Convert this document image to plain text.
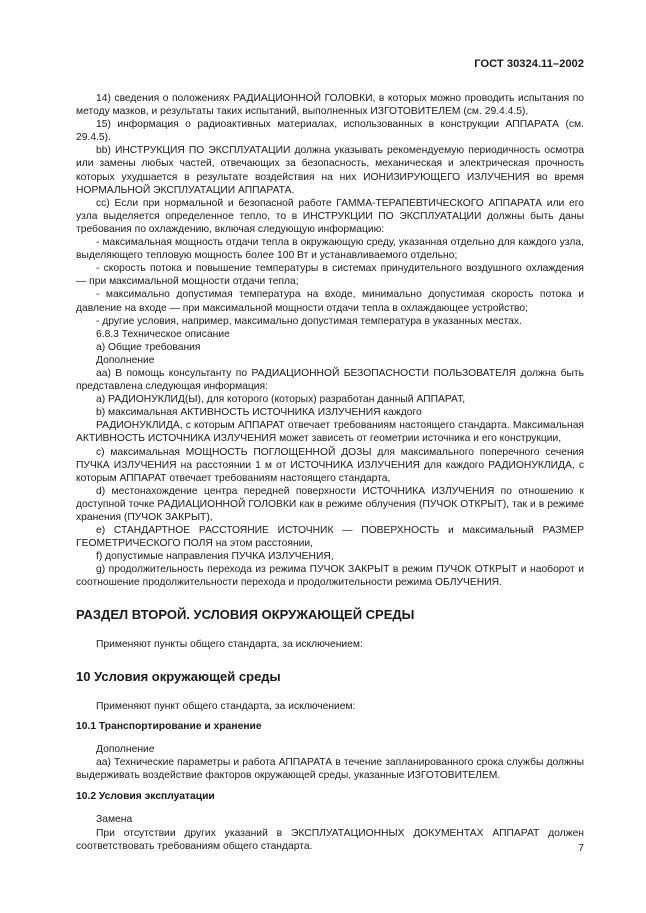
ГОСТ 30324.11–2002

14) сведения о положениях РАДИАЦИОННОЙ ГОЛОВКИ, в которых можно проводить испытания по методу мазков, и результаты таких испытаний, выполненных ИЗГОТОВИТЕЛЕМ (см. 29.4.4.5),

15) информация о радиоактивных материалах, использованных в конструкции АППАРАТА (см. 29.4.5).

bb) ИНСТРУКЦИЯ ПО ЭКСПЛУАТАЦИИ должна указывать рекомендуемую периодичность осмотра или замены любых частей, отвечающих за безопасность, механическая и электрическая прочность которых ухудшается в результате воздействия на них ИОНИЗИРУЮЩЕГО ИЗЛУЧЕНИЯ во время НОРМАЛЬНОЙ ЭКСПЛУАТАЦИИ АППАРАТА.

сс) Если при нормальной и безопасной работе ГАММА-ТЕРАПЕВТИЧЕСКОГО АППАРАТА или его узла выделяется определенное тепло, то в ИНСТРУКЦИИ ПО ЭКСПЛУАТАЦИИ должны быть даны требования по охлаждению, включая следующую информацию:

- максимальная мощность отдачи тепла в окружающую среду, указанная отдельно для каждого узла, выделяющего тепловую мощность более 100 Вт и устанавливаемого отдельно;

- скорость потока и повышение температуры в системах принудительного воздушного охлаждения — при максимальной мощности отдачи тепла;

- максимально допустимая температура на входе, минимально допустимая скорость потока и давление на входе — при максимальной мощности отдачи тепла в охлаждающее устройство;

- другие условия, например, максимально допустимая температура в указанных местах.

6.8.3 Техническое описание

a) Общие требования

Дополнение

аа) В помощь консультанту по РАДИАЦИОННОЙ БЕЗОПАСНОСТИ ПОЛЬЗОВАТЕЛЯ должна быть представлена следующая информация:

a) РАДИОНУКЛИД(Ы), для которого (которых) разработан данный АППАРАТ,

b) максимальная АКТИВНОСТЬ ИСТОЧНИКА ИЗЛУЧЕНИЯ каждого

РАДИОНУКЛИДА, с которым АППАРАТ отвечает требованиям настоящего стандарта. Максимальная АКТИВНОСТЬ ИСТОЧНИКА ИЗЛУЧЕНИЯ может зависеть от геометрии источника и его конструкции,

c) максимальная МОЩНОСТЬ ПОГЛОЩЕННОЙ ДОЗЫ для максимального поперечного сечения ПУЧКА ИЗЛУЧЕНИЯ на расстоянии 1 м от ИСТОЧНИКА ИЗЛУЧЕНИЯ для каждого РАДИОНУКЛИДА, с которым АППАРАТ отвечает требованиям настоящего стандарта,

d) местонахождение центра передней поверхности ИСТОЧНИКА ИЗЛУЧЕНИЯ по отношению к доступной точке РАДИАЦИОННОЙ ГОЛОВКИ как в режиме облучения (ПУЧОК ОТКРЫТ), так и в режиме хранения (ПУЧОК ЗАКРЫТ),

e) СТАНДАРТНОЕ РАССТОЯНИЕ ИСТОЧНИК — ПОВЕРХНОСТЬ и максимальный РАЗМЕР ГЕОМЕТРИЧЕСКОГО ПОЛЯ на этом расстоянии,

f) допустимые направления ПУЧКА ИЗЛУЧЕНИЯ,

g) продолжительность перехода из режима ПУЧОК ЗАКРЫТ в режим ПУЧОК ОТКРЫТ и наоборот и соотношение продолжительности перехода и продолжительности режима ОБЛУЧЕНИЯ.

РАЗДЕЛ ВТОРОЙ. УСЛОВИЯ ОКРУЖАЮЩЕЙ СРЕДЫ

Применяют пункты общего стандарта, за исключением:

10 Условия окружающей среды

Применяют пункт общего стандарта, за исключением:

10.1 Транспортирование и хранение

Дополнение

аа) Технические параметры и работа АППАРАТА в течение запланированного срока службы должны выдерживать воздействие факторов окружающей среды, указанные ИЗГОТОВИТЕЛЕМ.

10.2 Условия эксплуатации

Замена

При отсутствии других указаний в ЭКСПЛУАТАЦИОННЫХ ДОКУМЕНТАХ АППАРАТ должен соответствовать требованиям общего стандарта.	7
